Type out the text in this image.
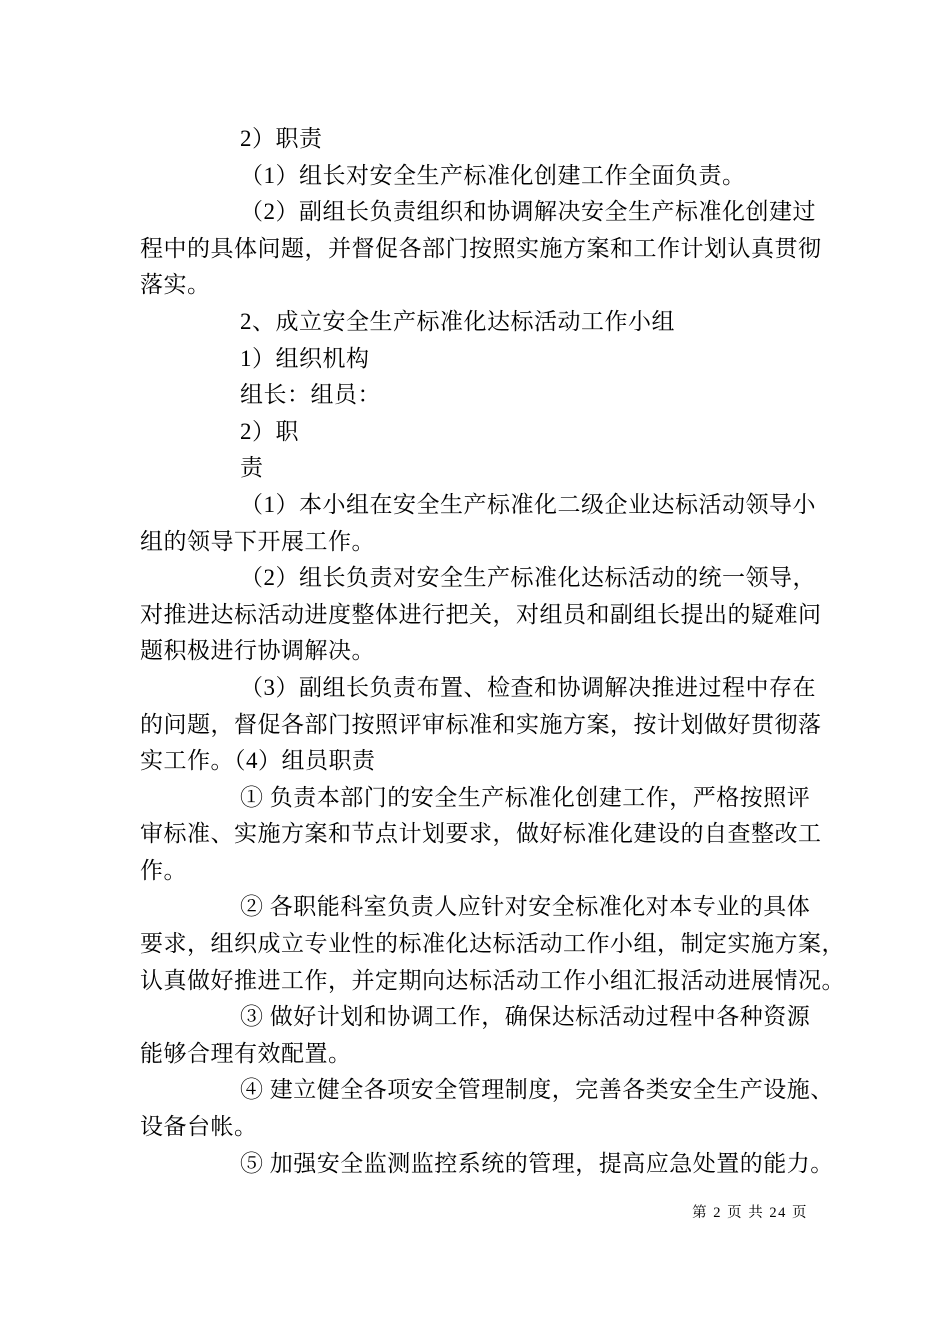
2）职责
（1）组长对安全生产标准化创建工作全面负责。
（2）副组长负责组织和协调解决安全生产标准化创建过
程中的具体问题，并督促各部门按照实施方案和工作计划认真贯彻
落实。
2、成立安全生产标准化达标活动工作小组
1）组织机构
组长：组员：
2）职
责
（1）本小组在安全生产标准化二级企业达标活动领导小
组的领导下开展工作。
（2）组长负责对安全生产标准化达标活动的统一领导，
对推进达标活动进度整体进行把关，对组员和副组长提出的疑难问
题积极进行协调解决。
（3）副组长负责布置、检查和协调解决推进过程中存在
的问题，督促各部门按照评审标准和实施方案，按计划做好贯彻落
实工作。（4）组员职责
① 负责本部门的安全生产标准化创建工作，严格按照评
审标准、实施方案和节点计划要求，做好标准化建设的自查整改工
作。
② 各职能科室负责人应针对安全标准化对本专业的具体
要求，组织成立专业性的标准化达标活动工作小组，制定实施方案，
认真做好推进工作，并定期向达标活动工作小组汇报活动进展情况。
③ 做好计划和协调工作，确保达标活动过程中各种资源
能够合理有效配置。
④ 建立健全各项安全管理制度，完善各类安全生产设施、
设备台帐。
⑤ 加强安全监测监控系统的管理，提高应急处置的能力。
第 2 页 共 24 页
